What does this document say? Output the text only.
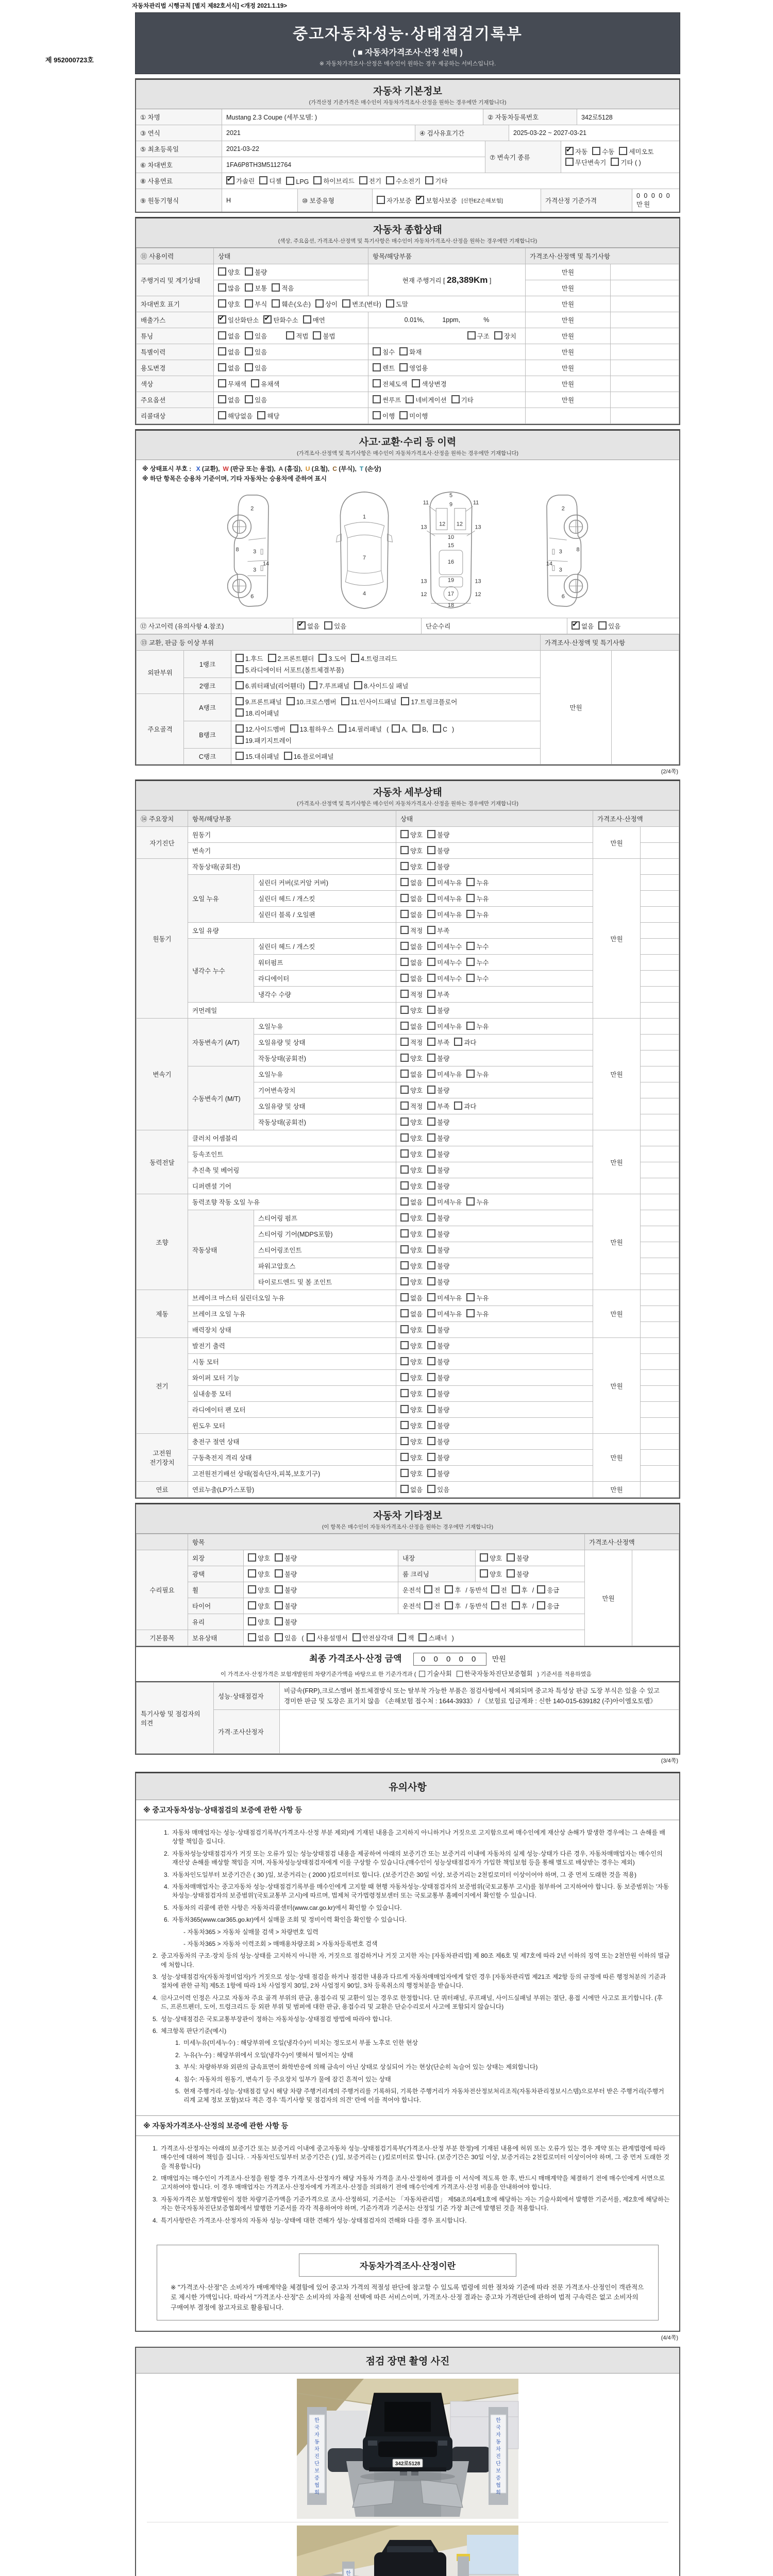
자동차관리법 시행규칙 [별지 제82호서식] <개정 2021.1.19>
제 952000723호
중고자동차성능·상태점검기록부
( ■ 자동차가격조사·산정 선택 )
※ 자동차가격조사·산정은 매수인이 원하는 경우 제공하는 서비스입니다.
자동차 기본정보
(가격산정 기준가격은 매수인이 자동차가격조사·산정을 원하는 경우에만 기재합니다)
① 차명	Mustang 2.3 Coupe (세부모델: )	② 자동차등록번호	342로5128
③ 연식	2021	④ 검사유효기간	2025-03-22 ~ 2027-03-21
⑤ 최초등록일	2021-03-22
⑥ 차대번호	1FA6P8TH3M5112764
⑦ 변속기 종류
✔자동 수동 세미오토
무단변속기 기타 ( )
⑧ 사용연료 ✔	가솔린	디젤	LPG	하이브리드	전기	수소전기	기타
⑨ 원동기형식	H	⑩ 보증유형	자가보증 ✔ 보험사보증 [신한EZ손해보험]	가격산정 기준가격
0 0 0 0 0 만원
자동차 종합상태
(색상, 주요옵션, 가격조사·산정액 및 특기사항은 매수인이 자동차가격조사·산정을 원하는 경우에만 기재합니다)
⑪ 사용이력	상태	항목/해당부품	가격조사·산정액 및 특기사항	
주행거리 및 계기상태	양호 불량	현재 주행거리 [ 28,389Km ]	만원	
	많음 보통 적음		만원	
차대번호 표기	양호 부식 훼손(오손) 상이 변조(변타) 도말		만원	
배출가스	✔일산화탄소 ✔ 탄화수소 매연	0.01%,          1ppm,             %	만원	
튜닝	없음 있음 적법 불법	구조 장치	만원	
특별이력	없음 있음	침수 화재	만원	
용도변경	없음 있음	렌트 영업용	만원	
색상	무채색 유채색	전체도색 색상변경	만원	
주요옵션	없음 있음	썬루프 네비게이션 기타	만원	
리콜대상	해당없음 해당	이행 미이행		
사고·교환·수리 등 이력
(가격조사·산정액 및 특기사항은 매수인이 자동차가격조사·산정을 원하는 경우에만 기재합니다)
※ 상태표시 부호 : X (교환), W (판금 또는 용접), A (흠집), U (요철), C (부식), T (손상)
※ 하단 항목은 승용차 기준이며, 기타 자동차는 승용차에 준하여 표시
2
8	3
3
14
6
1
7
4
5
9
11	11
13	13
12 12
10
15
16
19
13	13
12	12
17
18
2
8
3
3
14
6
⑫ 사고이력 (유의사항 4.참조) ✔	없음	있음	단순수리 ✔	없음	있음
⑬ 교환, 판금 등 이상 부위			가격조사·산정액 및 특기사항	
외판부위	1랭크	1.후드 2.프론트휀더 3.도어 4.트렁크리드
5.라디에이터 서포트(볼트체결부품)	만원	
	2랭크	6.쿼터패널(리어휀더) 7.루프패널 8.사이드실 패널		
주요골격	A랭크	9.프론트패널 10.크로스멤버 11.인사이드패널 17.트렁크플로어
18.리어패널		

	B랭크	12.사이드멤버 13.휠하우스 14.필러패널 ( A, B, C )
19.패키지트레이		

	C랭크	15.대쉬패널 16.플로어패널		
(2/4쪽)
자동차 세부상태
(가격조사·산정액 및 특기사항은 매수인이 자동차가격조사·산정을 원하는 경우에만 기재합니다)
⑭ 주요장치	항목/해당부품		상태	가격조사·산정액	
자기진단	원동기		양호 불량	만원	
	변속기		양호 불량		
원동기	작동상태(공회전)		양호 불량	만원	
	오일 누유	실린더 커버(로커암 커버)	없음 미세누유 누유		
		실린더 헤드 / 개스킷	없음 미세누유 누유		
		실린더 블록 / 오일팬	없음 미세누유 누유		
	오일 유량		적정 부족		
	냉각수 누수	실린더 헤드 / 개스킷	없음 미세누수 누수		
		워터펌프	없음 미세누수 누수		
		라디에이터	없음 미세누수 누수		
		냉각수 수량	적정 부족		
	커먼레일		양호 불량		
변속기	자동변속기 (A/T)	오일누유	없음 미세누유 누유	만원	
		오일유량 및 상태	적정 부족 과다		
		작동상태(공회전)	양호 불량		
	수동변속기 (M/T)	오일누유	없음 미세누유 누유		
		기어변속장치	양호 불량		
		오일유량 및 상태	적정 부족 과다		
		작동상태(공회전)	양호 불량		
동력전달	클러치 어셈블리		양호 불량	만원	
	등속조인트		양호 불량		
	추진축 및 베어링		양호 불량		
	디퍼렌셜 기어		양호 불량		
조향	동력조향 작동 오일 누유		없음 미세누유 누유	만원	
	작동상태	스티어링 펌프	양호 불량		
		스티어링 기어(MDPS포함)	양호 불량		
		스티어링조인트	양호 불량		
		파워고압호스	양호 불량		
		타이로드엔드 및 볼 조인트	양호 불량		
제동	브레이크 마스터 실린더오일 누유		없음 미세누유 누유	만원	
	브레이크 오일 누유		없음 미세누유 누유		
	배력장치 상태		양호 불량		
전기	발전기 출력		양호 불량	만원	
	시동 모터		양호 불량		
	와이퍼 모터 기능		양호 불량		
	실내송풍 모터		양호 불량		
	라디에이터 팬 모터		양호 불량		
	윈도우 모터		양호 불량		
고전원 전기장치	충전구 절연 상태		양호 불량	만원	
	구동축전지 격리 상태		양호 불량		
	고전원전기배선 상태(접속단자,피복,보호기구)		양호 불량		
연료	연료누출(LP가스포함)		없음 있음	만원	
자동차 기타정보
(이 항목은 매수인이 자동차가격조사·산정을 원하는 경우에만 기재합니다)
	항목				가격조사·산정액	
수리필요	외장	양호 불량	내장	양호 불량	만원	
	광택	양호 불량	룸 크리닝	양호 불량		
	휠	양호 불량	운전석 전 후 / 동반석 전 후 / 응급			
	타이어	양호 불량	운전석 전 후 / 동반석 전 후 / 응급			
	유리	양호 불량				
기본품목	보유상태	없음 있음 ( 사용설명서 안전삼각대 잭 스패너 )				
최종 가격조사·산정 금액 0 0 0 0 0 만원
이 가격조사·산정가격은 보험개발원의 차량기준가액을 바탕으로 한 기준가격과 ( 기술사회 한국자동차진단보증협회 ) 기준서를 적용하였음
특기사항 및 점검자의 의견	성능·상태점검자	비금속(FRP),크로스멤버 볼트체결방식 또는 탈부착 가능한 부품은 점검사항에서 제외되며 중고차 특성상 판금 도장 부식은 있을 수 있고 경미한 판금 및 도장은 표기치 않음 《손해보험 접수처 : 1644-3933》 / 《보험료 입금계좌 : 신한 140-015-639182 (주)아이엠오토랩》
	가격·조사산정자	
(3/4쪽)
유의사항
※ 중고자동차성능·상태점검의 보증에 관한 사항 등
1. 자동차 매매업자는 성능·상태점검기록부(가격조사·산정 부분 제외)에 기재된 내용을 고지하지 아니하거나 거짓으로 고지함으로써 매수인에게 재산상 손해가 발생한 경우에는 그 손해를 배상할 책임을 집니다.
2. 자동차성능상태점검자가 거짓 또는 오류가 있는 성능상태점검 내용을 제공하여 아래의 보증기간 또는 보증거리 이내에 자동차의 실제 성능·상태가 다른 경우, 자동차매매업자는 매수인의 재산상 손해를 배상할 책임을 지며, 자동차성능상태점검자에게 이를 구상할 수 있습니다.(매수인이 성능상태점검자가 가입한 책임보험 등을 통해 별도로 배상받는 경우는 제외)
3. 자동차인도일부터 보증기간은 ( 30 )일, 보증거리는 ( 2000 )킬로미터로 합니다. (보증기간은 30일 이상, 보증거리는 2천킬로미터 이상이어야 하며, 그 중 먼저 도래한 것을 적용)
4. 자동차매매업자는 중고자동차 성능·상태점검기록부를 매수인에게 고지할 때 현행 자동차성능·상태점검자의 보증범위(국토교통부 고시)를 첨부하여 고지하여야 합니다. 동 보증범위는 '자동차성능·상태점검자의 보증범위'(국토교통부 고시)에 따르며, 법제처 국가법령정보센터 또는 국토교통부 홈페이지에서 확인할 수 있습니다.
5. 자동차의 리콜에 관한 사항은 자동차리콜센터(www.car.go.kr)에서 확인할 수 있습니다.
6. 자동차365(www.car365.go.kr)에서 실매물 조회 및 정비이력 확인을 확인할 수 있습니다.
- 자동차365 > 자동차 실매물 검색 > 차량번호 입력
- 자동차365 > 자동차 이력조회 > 매매용차량조회 > 자동차등록번호 검색
2. 중고자동차의 구조·장치 등의 성능·상태를 고지하지 아니한 자, 거짓으로 점검하거나 거짓 고지한 자는 [자동차관리법] 제 80조 제6호 및 제7호에 따라 2년 이하의 징역 또는 2천만원 이하의 벌금에 처합니다.
3. 성능·상태점검자(자동차정비업자)가 거짓으로 성능·상태 점검을 하거나 점검한 내용과 다르게 자동차매매업자에게 알린 경우 [자동차관리법 제21조 제2항 등의 규정에 따른 행정처분의 기준과 절차에 관한 규칙] 제5조 1항에 따라 1차 사업정지 30일, 2차 사업정지 90일, 3차 등록취소의 행정처분을 받습니다.
4. ⑫사고이력 인정은 사고로 자동차 주요 골격 부위의 판금, 용접수리 및 교환이 있는 경우로 한정합니다. 단 쿼터패널, 루프패널, 사이드실패널 부위는 절단, 용접 시에만 사고로 표기합니다. (후드, 프론트펜더, 도어, 트렁크리드 등 외판 부위 및 범퍼에 대한 판금, 용접수리 및 교환은 단순수리로서 사고에 포함되지 않습니다)
5. 성능·상태점검은 국토교통부장관이 정하는 자동차성능·상태점검 방법에 따라야 합니다.
6. 체크항목 판단기준(예시)
1. 미세누유(미세누수) : 해당부위에 오일(냉각수)이 비치는 정도로서 부품 노후로 인한 현상
2. 누유(누수) : 해당부위에서 오일(냉각수)이 맺혀서 떨어지는 상태
3. 부식: 차량하부와 외판의 금속표면이 화학반응에 의해 금속이 아닌 상태로 상실되어 가는 현상(단순히 녹슬어 있는 상태는 제외합니다)
4. 침수: 자동차의 원동기, 변속기 등 주요장치 일부가 물에 잠긴 흔적이 있는 상태
5. 현재 주행거리·성능·상태점검 당시 해당 차량 주행거리계의 주행거리를 기록하되, 기록한 주행거리가 자동차전산정보처리조직(자동차관리정보시스템)으로부터 받은 주행거리(주행거리계 교체 정보 포함)보다 적은 경우 '특기사항 및 점검자의 의견' 란에 이를 적어야 합니다.
※ 자동차가격조사·산정의 보증에 관한 사항 등
1. 가격조사·산정자는 아래의 보증기간 또는 보증거리 이내에 중고자동차 성능·상태점검기록부(가격조사·산정 부분 한정)에 기재된 내용에 허위 또는 오류가 있는 경우 계약 또는 관계법령에 따라 매수인에 대하여 책임을 집니다. · 자동차인도일부터 보증기간은 ( )일, 보증거리는 ( )킬로미터로 합니다. (보증기간은 30일 이상, 보증거리는 2천킬로미터 이상이어야 하며, 그 중 먼저 도래한 것을 적용합니다)
2. 매매업자는 매수인이 가격조사·산정을 원할 경우 가격조사·산정자가 해당 자동차 가격을 조사·산정하여 결과를 이 서식에 적도록 한 후, 반드시 매매계약을 체결하기 전에 매수인에게 서면으로 고지하여야 합니다. 이 경우 매매업자는 가격조사·산정자에게 가격조사·산정을 의뢰하기 전에 매수인에게 가격조사·산정 비용을 안내하여야 합니다.
3. 자동차가격은 보험개발원이 정한 차량기준가액을 기준가격으로 조사·산정하되, 기준서는 「자동차관리법」 제58조의4제1호에 해당하는 자는 기술사회에서 발행한 기준서를, 제2호에 해당하는 자는 한국자동차진단보증협회에서 발행한 기준서를 각각 적용하여야 하며, 기준가격과 기준서는 산정일 기준 가장 최근에 발행된 것을 적용합니다.
4. 특기사항란은 가격조사·산정자의 자동차 성능·상태에 대한 견해가 성능·상태점검자의 견해와 다를 경우 표시합니다.
자동차가격조사·산정이란
※ "가격조사·산정"은 소비자가 매매계약을 체결함에 있어 중고차 가격의 적절성 판단에 참고할 수 있도록 법령에 의한 절차와 기준에 따라 전문 가격조사·산정인이 객관적으로 제시한 가액입니다. 따라서 "가격조사·산정"은 소비자의 자율적 선택에 따른 서비스이며, 가격조사·산정 결과는 중고차 가격판단에 관하여 법적 구속력은 없고 소비자의 구매여부 결정에 참고자료로 활용됩니다.
(4/4쪽)
점검 장면 촬영 사진
한 국 자 동 차 진 단 보 증 협 회
한 국 자 동 차 진 단 보 증 협 회
342로5128
한
